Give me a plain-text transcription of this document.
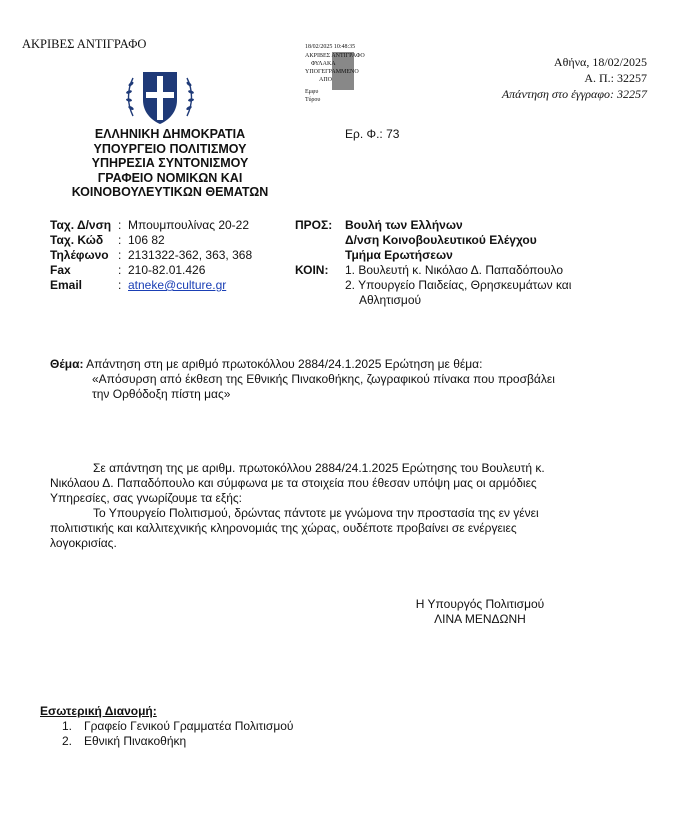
ΑΚΡΙΒΕΣ ΑΝΤΙΓΡΑΦΟ	18/02/2025 10:48:35
ΑΚΡΙΒΕΣ ΑΝΤΙΓΡΑΦΟ
ΦΥΛΑΚΑ
ΥΠΟΓΕΓΡΑΜΜΕΝΟ
ΑΠΟ
Εμφυ
Τύρου
Αθήνα, 18/02/2025
Α. Π.: 32257
Απάντηση στο έγγραφο: 32257
ΕΛΛΗΝΙΚΗ ΔΗΜΟΚΡΑΤΙΑ
ΥΠΟΥΡΓΕΙΟ ΠΟΛΙΤΙΣΜΟΥ
ΥΠΗΡΕΣΙΑ ΣΥΝΤΟΝΙΣΜΟΥ
ΓΡΑΦΕΙΟ ΝΟΜΙΚΩΝ ΚΑΙ
ΚΟΙΝΟΒΟΥΛΕΥΤΙΚΩΝ ΘΕΜΑΤΩΝ
Ερ. Φ.: 73
Ταχ. Δ/νση : Μπουμπουλίνας 20-22
Ταχ. Κώδ : 106 82
Τηλέφωνο : 2131322-362, 363, 368
Fax	: 210-82.01.426
Email	: atneke@culture.gr
ΠΡΟΣ: Βουλή των Ελλήνων
Δ/νση Κοινοβουλευτικού Ελέγχου
Τμήμα Ερωτήσεων
ΚΟΙΝ: 1. Βουλευτή κ. Νικόλαο Δ. Παπαδόπουλο
2. Υπουργείο Παιδείας, Θρησκευμάτων και
Αθλητισμού
Θέμα: Απάντηση στη με αριθμό πρωτοκόλλου 2884/24.1.2025 Ερώτηση με θέμα:
«Απόσυρση από έκθεση της Εθνικής Πινακοθήκης, ζωγραφικού πίνακα που προσβάλει
την Ορθόδοξη πίστη μας»
Σε απάντηση της με αριθμ. πρωτοκόλλου 2884/24.1.2025 Ερώτησης του Βουλευτή κ.
Νικόλαου Δ. Παπαδόπουλο και σύμφωνα με τα στοιχεία που έθεσαν υπόψη μας οι αρμόδιες
Υπηρεσίες, σας γνωρίζουμε τα εξής:
Το Υπουργείο Πολιτισμού, δρώντας πάντοτε με γνώμονα την προστασία της εν γένει
πολιτιστικής και καλλιτεχνικής κληρονομιάς της χώρας, ουδέποτε προβαίνει σε ενέργειες
λογοκρισίας.
Η Υπουργός Πολιτισμού
ΛΙΝΑ ΜΕΝΔΩΝΗ
Εσωτερική Διανομή:
1. Γραφείο Γενικού Γραμματέα Πολιτισμού
2. Εθνική Πινακοθήκη
